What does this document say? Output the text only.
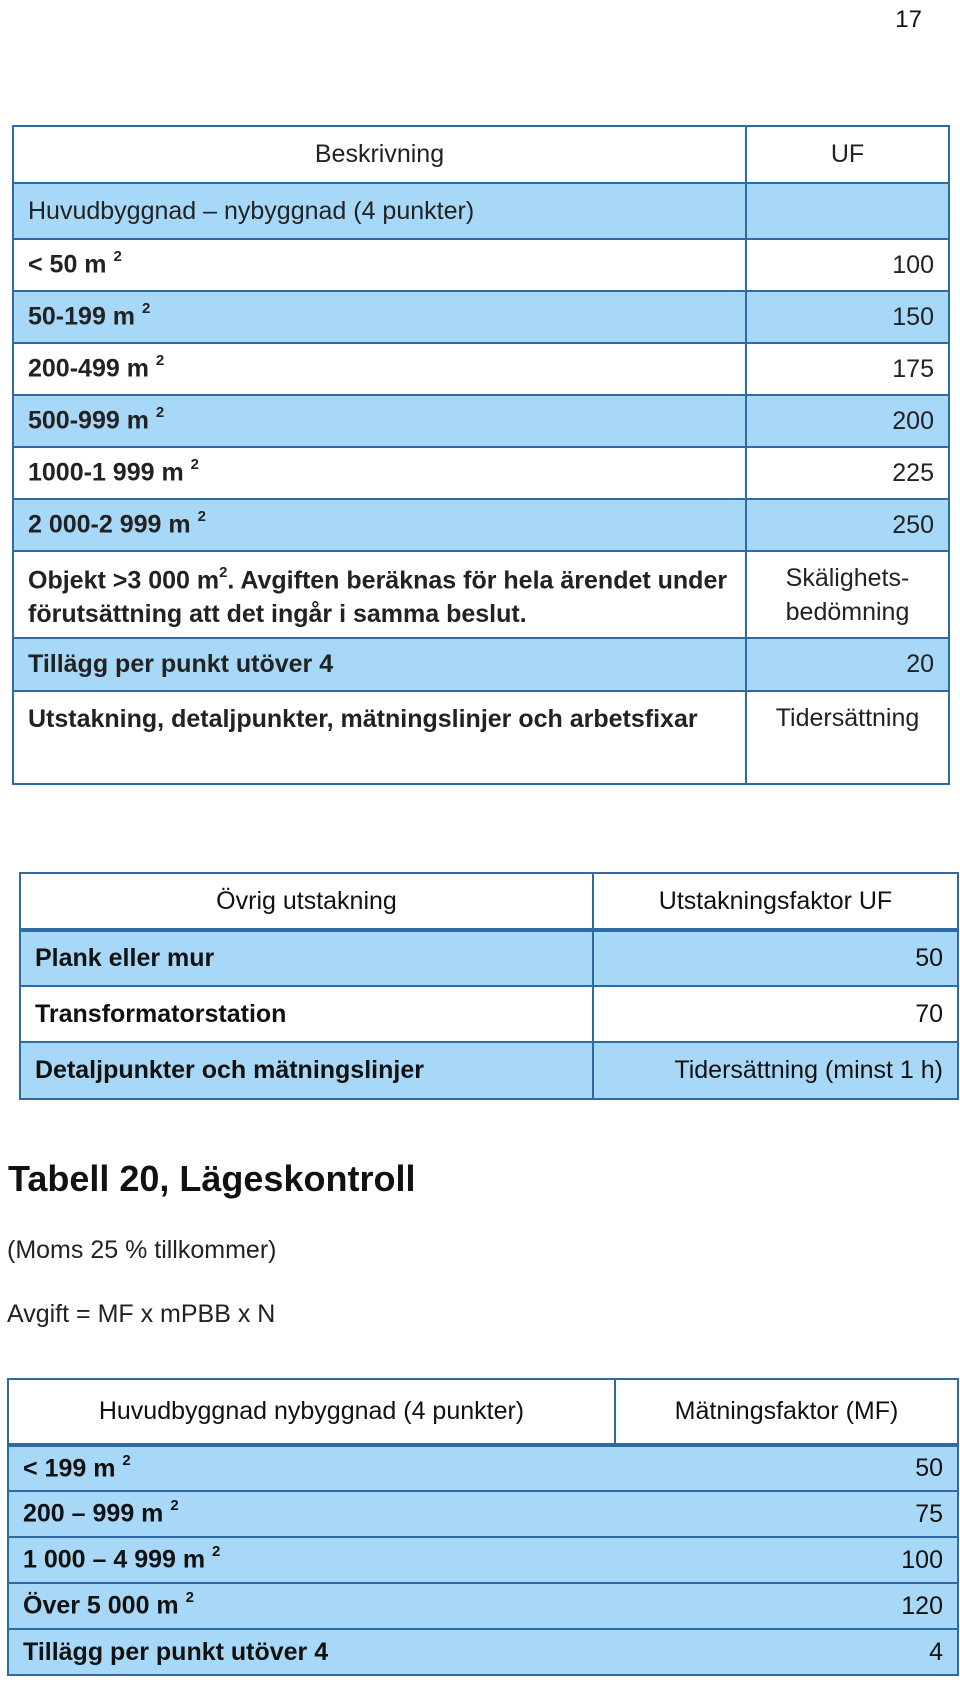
17
Beskrivning	UF
Huvudbyggnad – nybyggnad (4 punkter)	
< 50 m $^2$	100
50-199 m $^2$	150
200-499 m $^2$	175
500-999 m $^2$	200
1000-1 999 m $^2$	225
2 000-2 999 m $^2$	250
Objekt >3 000 $m^2$. Avgiften beräknas för hela ärendet under förutsättning att det ingår i samma beslut.	Skälighets-
bedömning
Tillägg per punkt utöver 4	20
Utstakning, detaljpunkter, mätningslinjer och arbetsfixar	Tidersättning
Övrig utstakning	Utstakningsfaktor UF
Plank eller mur	50
Transformatorstation	70
Detaljpunkter och mätningslinjer	Tidersättning (minst 1 h)
Tabell 20, Lägeskontroll
(Moms 25 % tillkommer)
Avgift = MF x mPBB x N
Huvudbyggnad nybyggnad (4 punkter)	Mätningsfaktor (MF)
< 199 m $^2$	50
200 – 999 m $^2$	75
1 000 – 4 999 m $^2$	100
Över 5 000 m $^2$	120
Tillägg per punkt utöver 4	4
